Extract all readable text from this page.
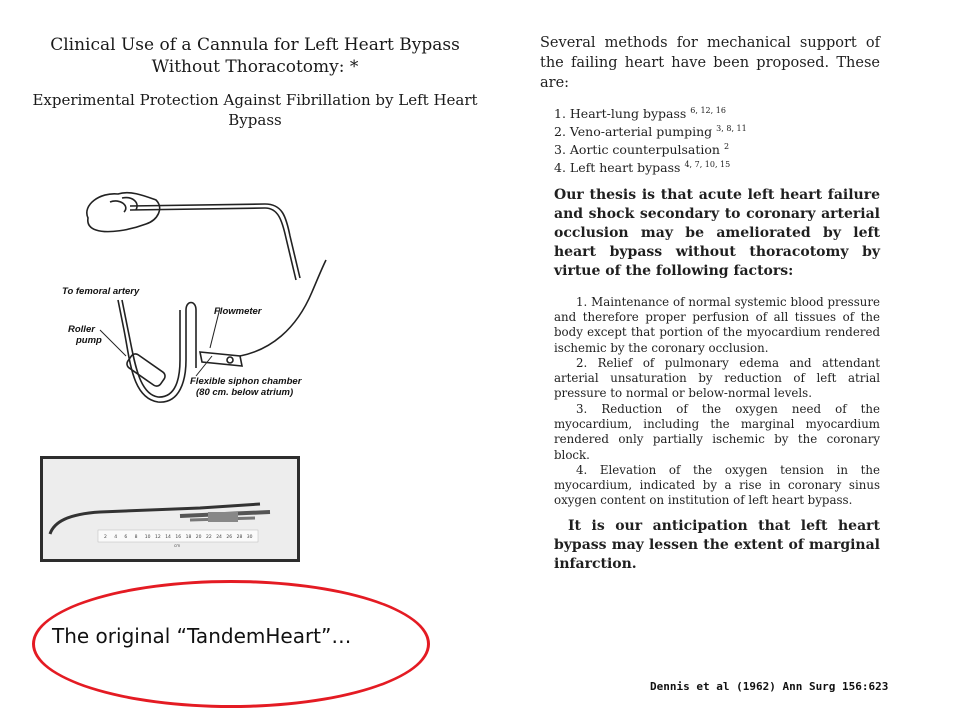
Clinical Use of a Cannula for Left Heart Bypass Without Thoracotomy: *
Experimental Protection Against Fibrillation by Left Heart Bypass
To femoral artery
Roller
pump
Flowmeter
Flexible siphon chamber
(80 cm. below atrium)
2 4 6 8 10 12 14 16 18 20 22 24 26 28 30
cm
The original “TandemHeart”…
Several methods for mechanical support of the failing heart have been proposed. These are:
1. Heart-lung bypass $^{6, 12, 16}$
2. Veno-arterial pumping $^{3, 8, 11}$
3. Aortic counterpulsation $^2$
4. Left heart bypass $^{4, 7, 10, 15}$
Our thesis is that acute left heart failure and shock secondary to coronary arterial occlusion may be ameliorated by left heart bypass without thoracotomy by virtue of the following factors:

1. Maintenance of normal systemic blood pressure and therefore proper perfusion of all tissues of the body except that portion of the myocardium rendered ischemic by the coronary occlusion.

2. Relief of pulmonary edema and attendant arterial unsaturation by reduction of left atrial pressure to normal or below-normal levels.

3. Reduction of the oxygen need of the myocardium, including the marginal myocardium rendered only partially ischemic by the coronary block.

4. Elevation of the oxygen tension in the myocardium, indicated by a rise in coronary sinus oxygen content on institution of left heart bypass.

It is our anticipation that left heart bypass may lessen the extent of marginal infarction.
Dennis et al (1962) Ann Surg 156:623
